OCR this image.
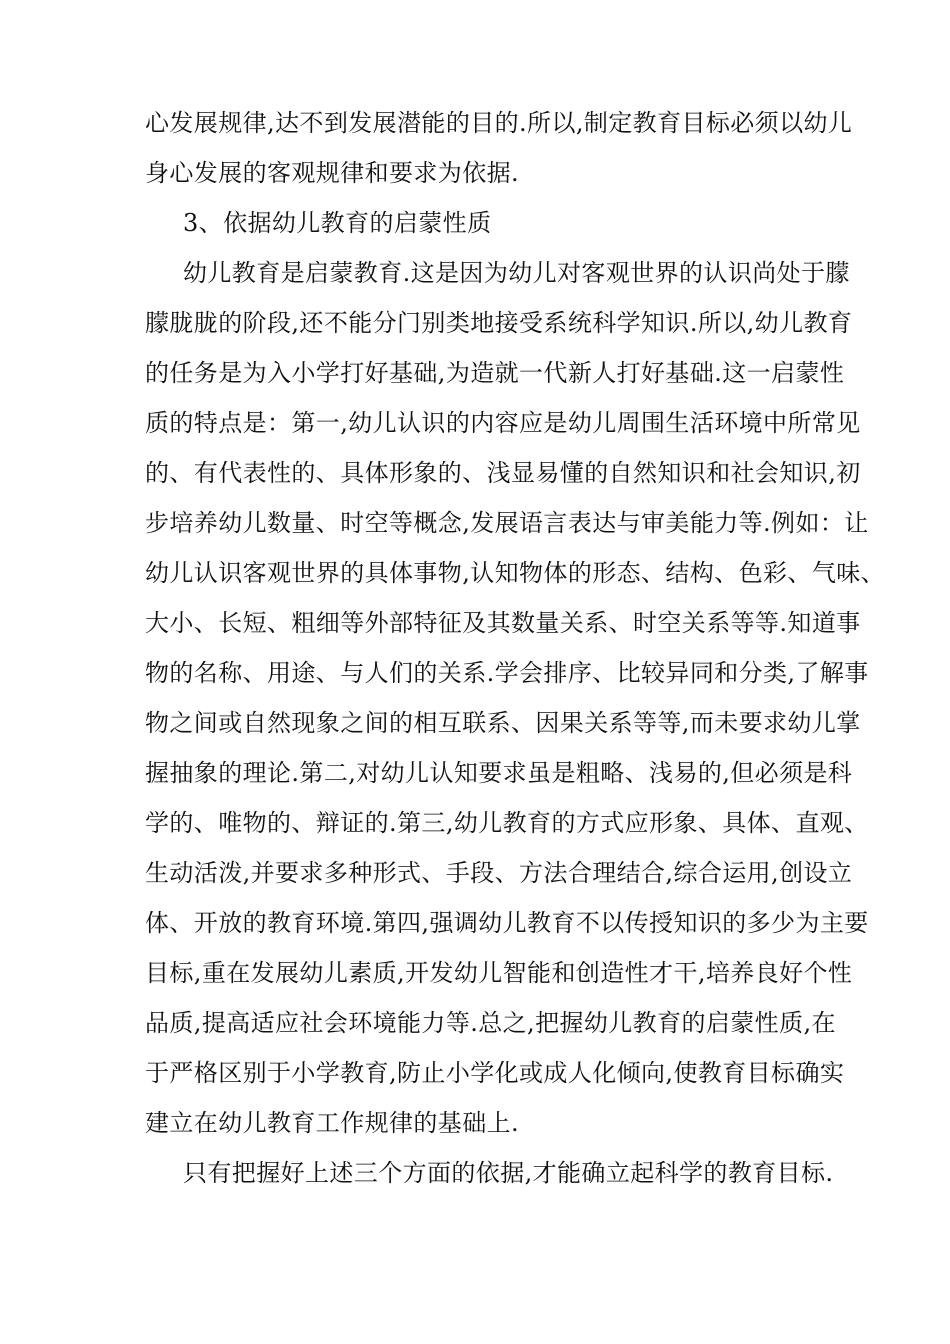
心发展规律,达不到发展潜能的目的.所以,制定教育目标必须以幼儿
身心发展的客观规律和要求为依据.
3、依据幼儿教育的启蒙性质
幼儿教育是启蒙教育.这是因为幼儿对客观世界的认识尚处于朦
朦胧胧的阶段,还不能分门别类地接受系统科学知识.所以,幼儿教育
的任务是为入小学打好基础,为造就一代新人打好基础.这一启蒙性
质的特点是：第一,幼儿认识的内容应是幼儿周围生活环境中所常见
的、有代表性的、具体形象的、浅显易懂的自然知识和社会知识,初
步培养幼儿数量、时空等概念,发展语言表达与审美能力等.例如：让
幼儿认识客观世界的具体事物,认知物体的形态、结构、色彩、气味、
大小、长短、粗细等外部特征及其数量关系、时空关系等等.知道事
物的名称、用途、与人们的关系.学会排序、比较异同和分类,了解事
物之间或自然现象之间的相互联系、因果关系等等,而未要求幼儿掌
握抽象的理论.第二,对幼儿认知要求虽是粗略、浅易的,但必须是科
学的、唯物的、辩证的.第三,幼儿教育的方式应形象、具体、直观、
生动活泼,并要求多种形式、手段、方法合理结合,综合运用,创设立
体、开放的教育环境.第四,强调幼儿教育不以传授知识的多少为主要
目标,重在发展幼儿素质,开发幼儿智能和创造性才干,培养良好个性
品质,提高适应社会环境能力等.总之,把握幼儿教育的启蒙性质,在
于严格区别于小学教育,防止小学化或成人化倾向,使教育目标确实
建立在幼儿教育工作规律的基础上.
只有把握好上述三个方面的依据,才能确立起科学的教育目标.
